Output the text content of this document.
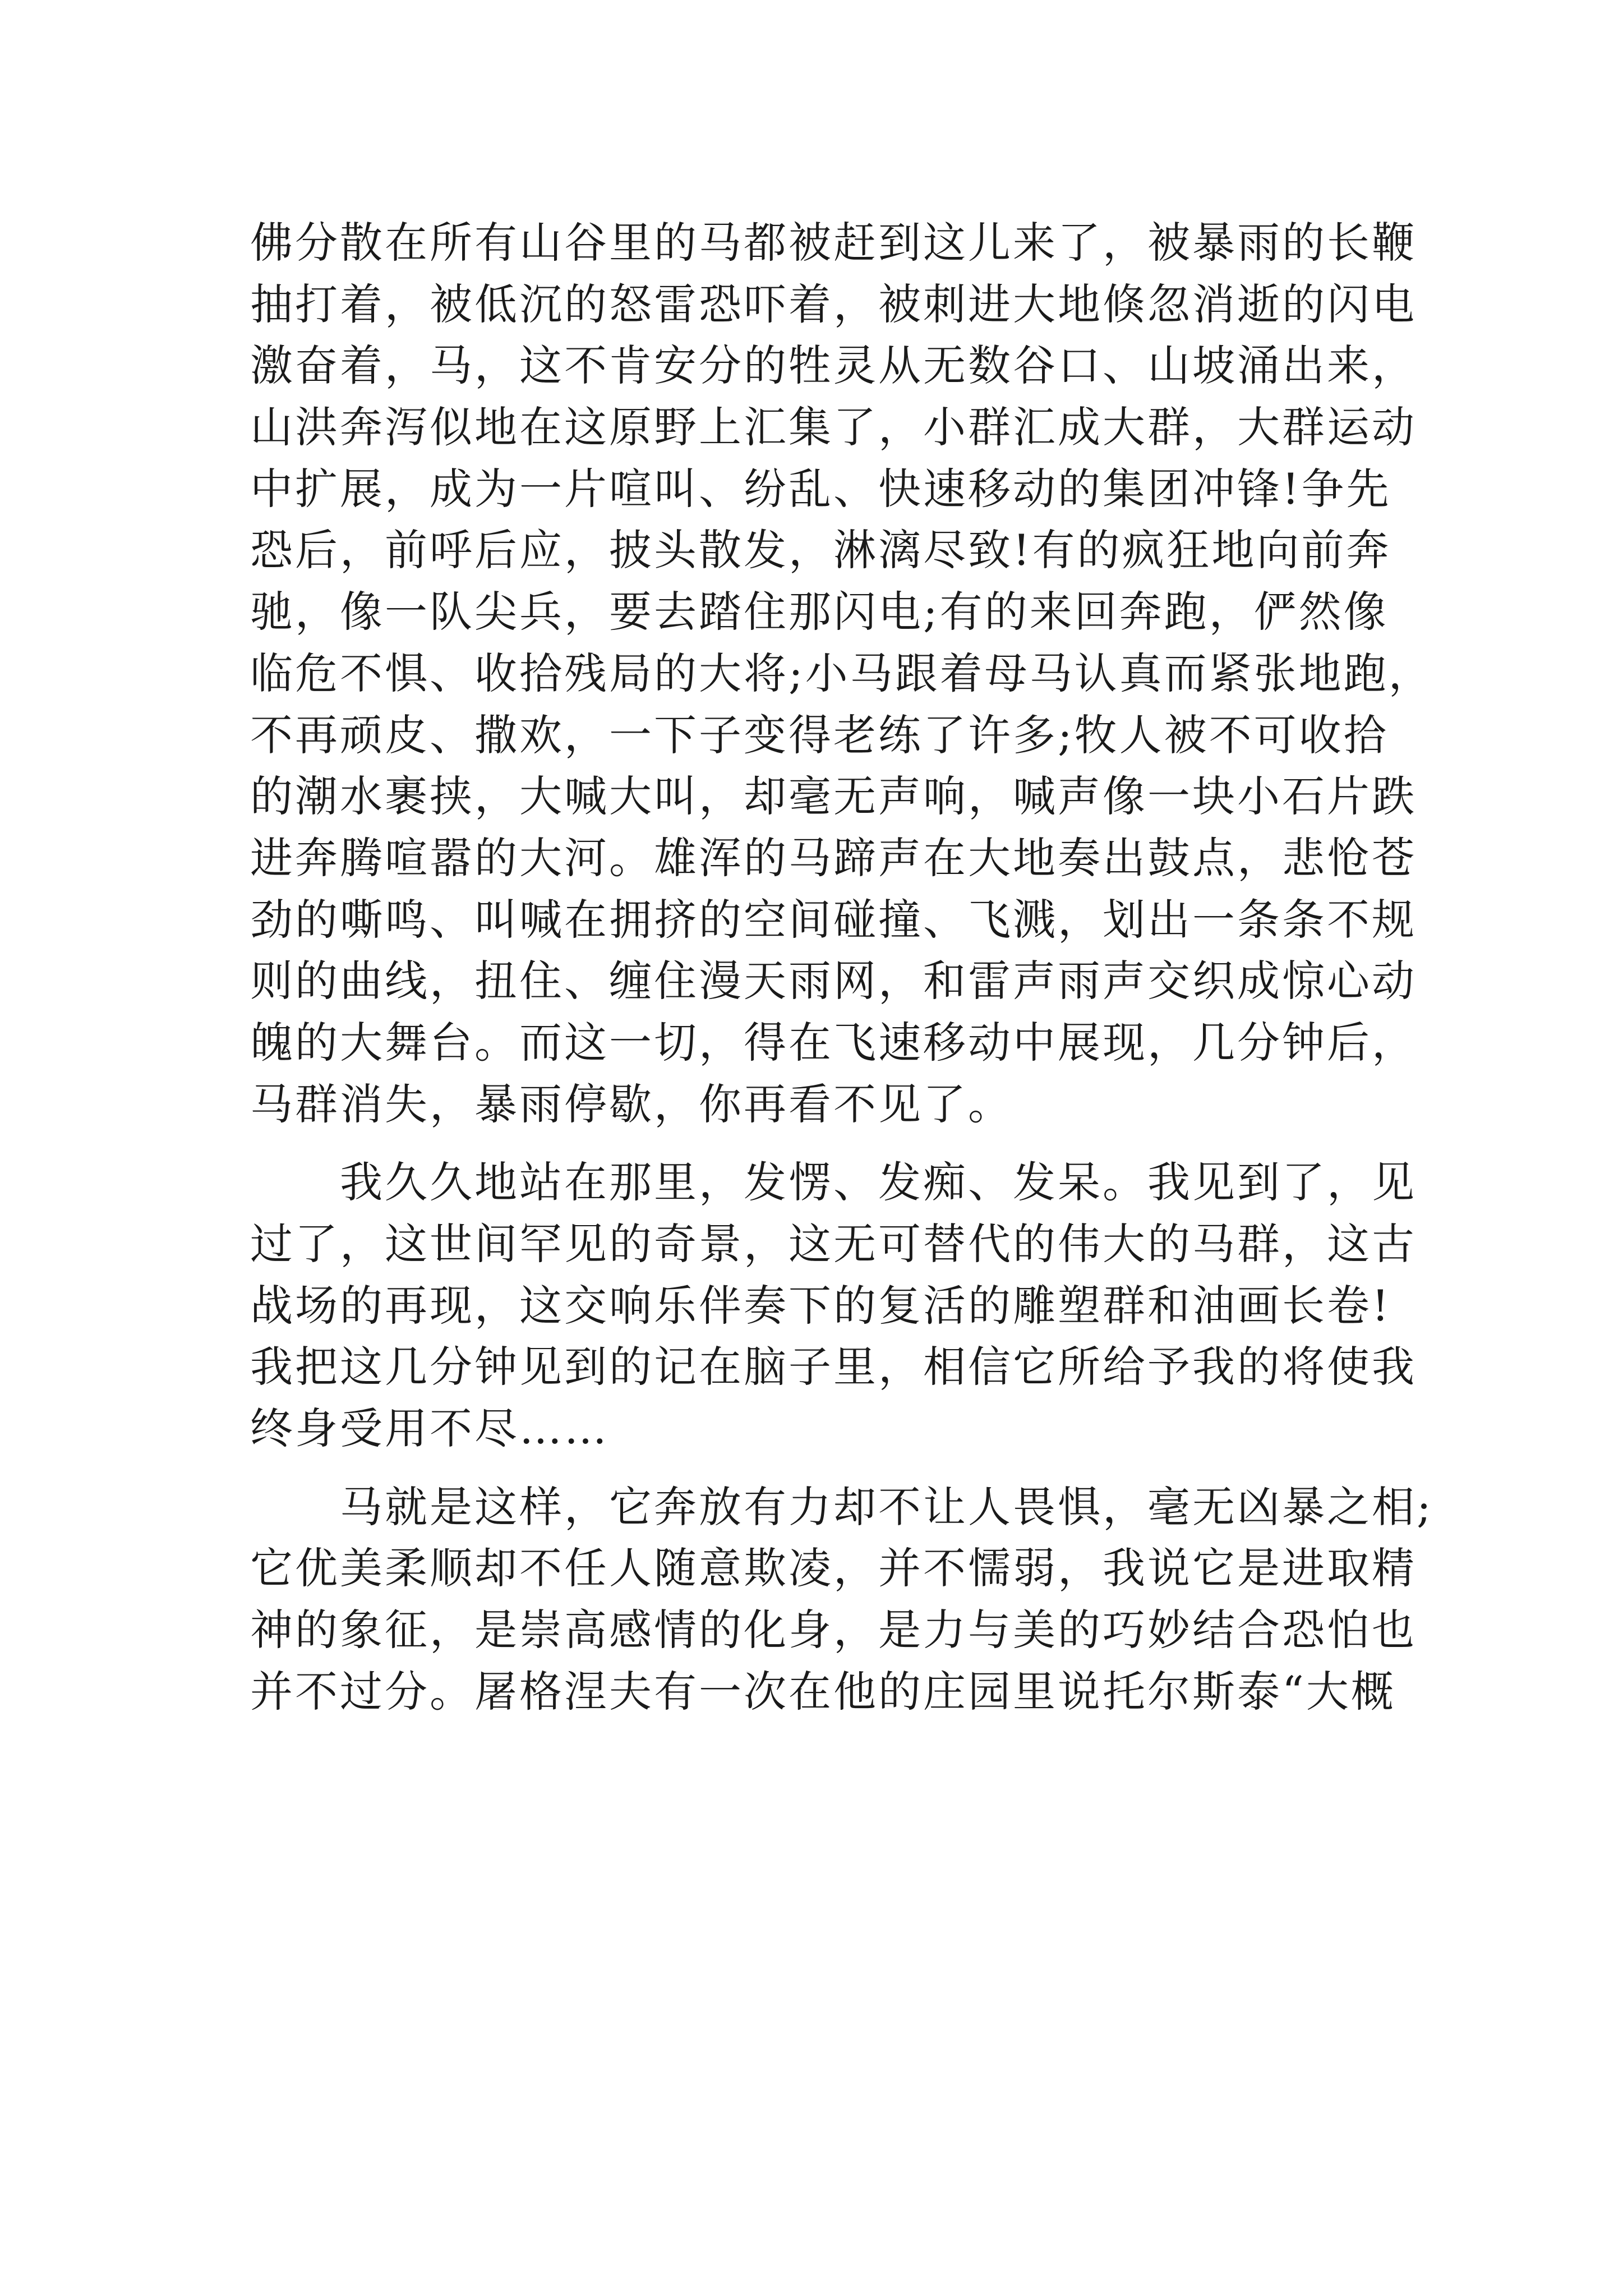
佛分散在所有山谷里的马都被赶到这儿来了，被暴雨的长鞭
抽打着，被低沉的怒雷恐吓着，被刺进大地倏忽消逝的闪电
激奋着，马，这不肯安分的牲灵从无数谷口、山坡涌出来，
山洪奔泻似地在这原野上汇集了，小群汇成大群，大群运动
中扩展，成为一片喧叫、纷乱、快速移动的集团冲锋!争先
恐后，前呼后应，披头散发，淋漓尽致!有的疯狂地向前奔
驰，像一队尖兵，要去踏住那闪电;有的来回奔跑，俨然像
临危不惧、收拾残局的大将;小马跟着母马认真而紧张地跑，
不再顽皮、撒欢，一下子变得老练了许多;牧人被不可收拾
的潮水裹挟，大喊大叫，却毫无声响，喊声像一块小石片跌
进奔腾喧嚣的大河。雄浑的马蹄声在大地奏出鼓点，悲怆苍
劲的嘶鸣、叫喊在拥挤的空间碰撞、飞溅，划出一条条不规
则的曲线，扭住、缠住漫天雨网，和雷声雨声交织成惊心动
魄的大舞台。而这一切，得在飞速移动中展现，几分钟后，
马群消失，暴雨停歇，你再看不见了。
　　我久久地站在那里，发愣、发痴、发呆。我见到了，见
过了，这世间罕见的奇景，这无可替代的伟大的马群，这古
战场的再现，这交响乐伴奏下的复活的雕塑群和油画长卷!
我把这几分钟见到的记在脑子里，相信它所给予我的将使我
终身受用不尽……
　　马就是这样，它奔放有力却不让人畏惧，毫无凶暴之相;
它优美柔顺却不任人随意欺凌，并不懦弱，我说它是进取精
神的象征，是崇高感情的化身，是力与美的巧妙结合恐怕也
并不过分。屠格涅夫有一次在他的庄园里说托尔斯泰“大概
